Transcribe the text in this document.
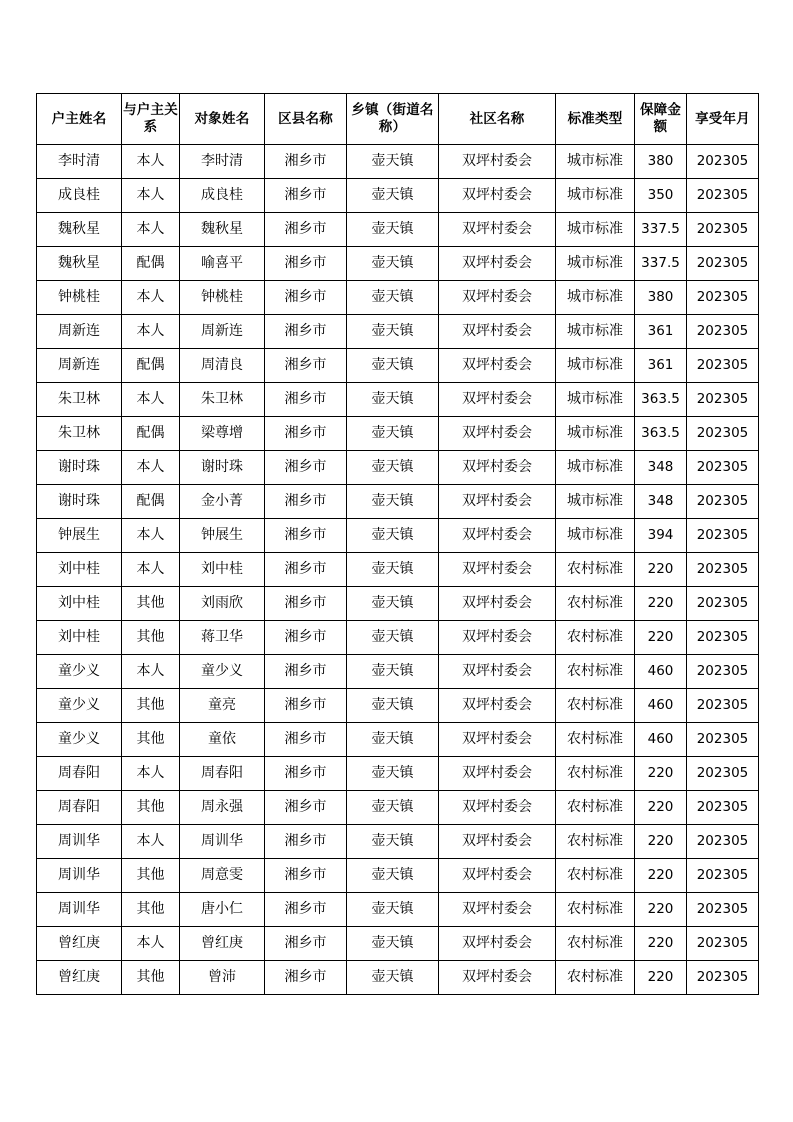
户主姓名	与户主关系	对象姓名	区县名称	乡镇（街道名称）	社区名称	标准类型	保障金额	享受年月
李时清	本人	李时清	湘乡市	壶天镇	双坪村委会	城市标准	380	202305
成良桂	本人	成良桂	湘乡市	壶天镇	双坪村委会	城市标准	350	202305
魏秋星	本人	魏秋星	湘乡市	壶天镇	双坪村委会	城市标准	337.5	202305
魏秋星	配偶	喻喜平	湘乡市	壶天镇	双坪村委会	城市标准	337.5	202305
钟桃桂	本人	钟桃桂	湘乡市	壶天镇	双坪村委会	城市标准	380	202305
周新连	本人	周新连	湘乡市	壶天镇	双坪村委会	城市标准	361	202305
周新连	配偶	周清良	湘乡市	壶天镇	双坪村委会	城市标准	361	202305
朱卫林	本人	朱卫林	湘乡市	壶天镇	双坪村委会	城市标准	363.5	202305
朱卫林	配偶	梁尊增	湘乡市	壶天镇	双坪村委会	城市标准	363.5	202305
谢时珠	本人	谢时珠	湘乡市	壶天镇	双坪村委会	城市标准	348	202305
谢时珠	配偶	金小菁	湘乡市	壶天镇	双坪村委会	城市标准	348	202305
钟展生	本人	钟展生	湘乡市	壶天镇	双坪村委会	城市标准	394	202305
刘中桂	本人	刘中桂	湘乡市	壶天镇	双坪村委会	农村标准	220	202305
刘中桂	其他	刘雨欣	湘乡市	壶天镇	双坪村委会	农村标准	220	202305
刘中桂	其他	蒋卫华	湘乡市	壶天镇	双坪村委会	农村标准	220	202305
童少义	本人	童少义	湘乡市	壶天镇	双坪村委会	农村标准	460	202305
童少义	其他	童亮	湘乡市	壶天镇	双坪村委会	农村标准	460	202305
童少义	其他	童依	湘乡市	壶天镇	双坪村委会	农村标准	460	202305
周春阳	本人	周春阳	湘乡市	壶天镇	双坪村委会	农村标准	220	202305
周春阳	其他	周永强	湘乡市	壶天镇	双坪村委会	农村标准	220	202305
周训华	本人	周训华	湘乡市	壶天镇	双坪村委会	农村标准	220	202305
周训华	其他	周意雯	湘乡市	壶天镇	双坪村委会	农村标准	220	202305
周训华	其他	唐小仁	湘乡市	壶天镇	双坪村委会	农村标准	220	202305
曾红庚	本人	曾红庚	湘乡市	壶天镇	双坪村委会	农村标准	220	202305
曾红庚	其他	曾沛	湘乡市	壶天镇	双坪村委会	农村标准	220	202305
